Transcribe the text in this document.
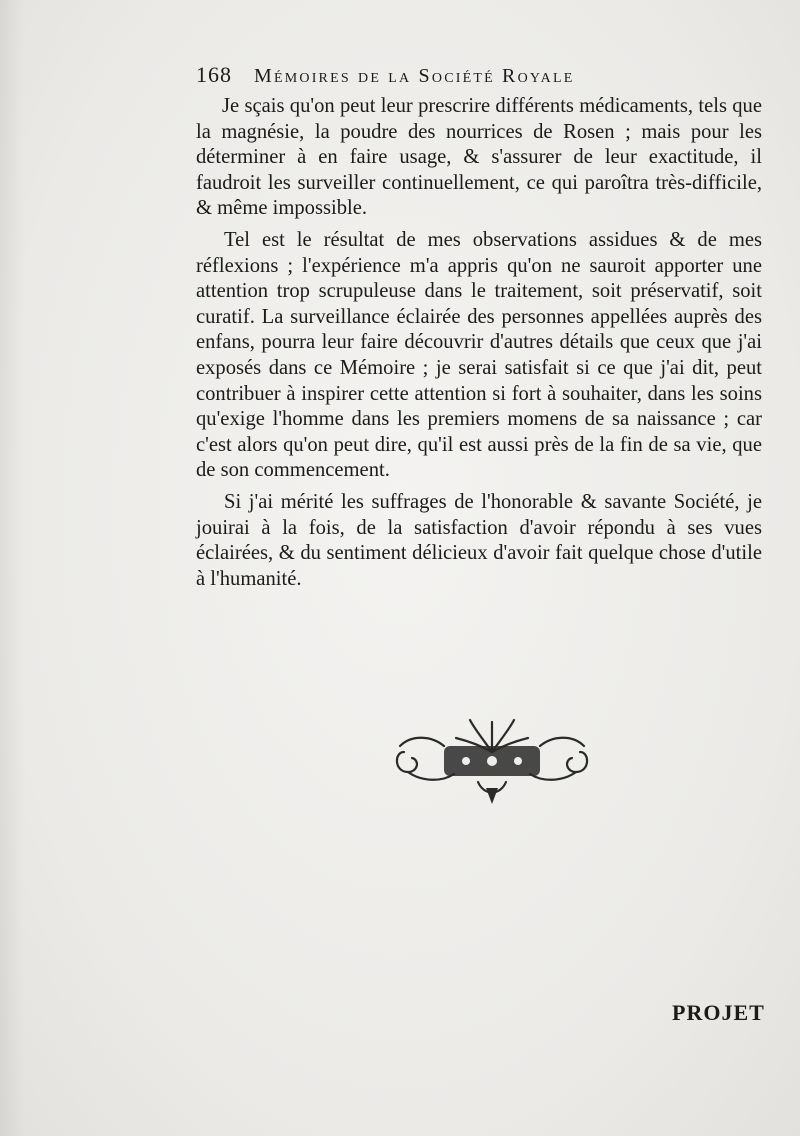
168 Mémoires de la Société Royale

Je sçais qu'on peut leur prescrire différents médicaments, tels que la magnésie, la poudre des nourrices de Rosen ; mais pour les déterminer à en faire usage, & s'assurer de leur exactitude, il faudroit les surveiller continuellement, ce qui paroîtra très-difficile, & même impossible.

Tel est le résultat de mes observations assidues & de mes réflexions ; l'expérience m'a appris qu'on ne sauroit apporter une attention trop scrupuleuse dans le traitement, soit préservatif, soit curatif. La surveillance éclairée des personnes appellées auprès des enfans, pourra leur faire découvrir d'autres détails que ceux que j'ai exposés dans ce Mémoire ; je serai satisfait si ce que j'ai dit, peut contribuer à inspirer cette attention si fort à souhaiter, dans les soins qu'exige l'homme dans les premiers momens de sa naissance ; car c'est alors qu'on peut dire, qu'il est aussi près de la fin de sa vie, que de son commencement.

Si j'ai mérité les suffrages de l'honorable & savante Société, je jouirai à la fois, de la satisfaction d'avoir répondu à ses vues éclairées, & du sentiment délicieux d'avoir fait quelque chose d'utile à l'humanité.

PROJET
